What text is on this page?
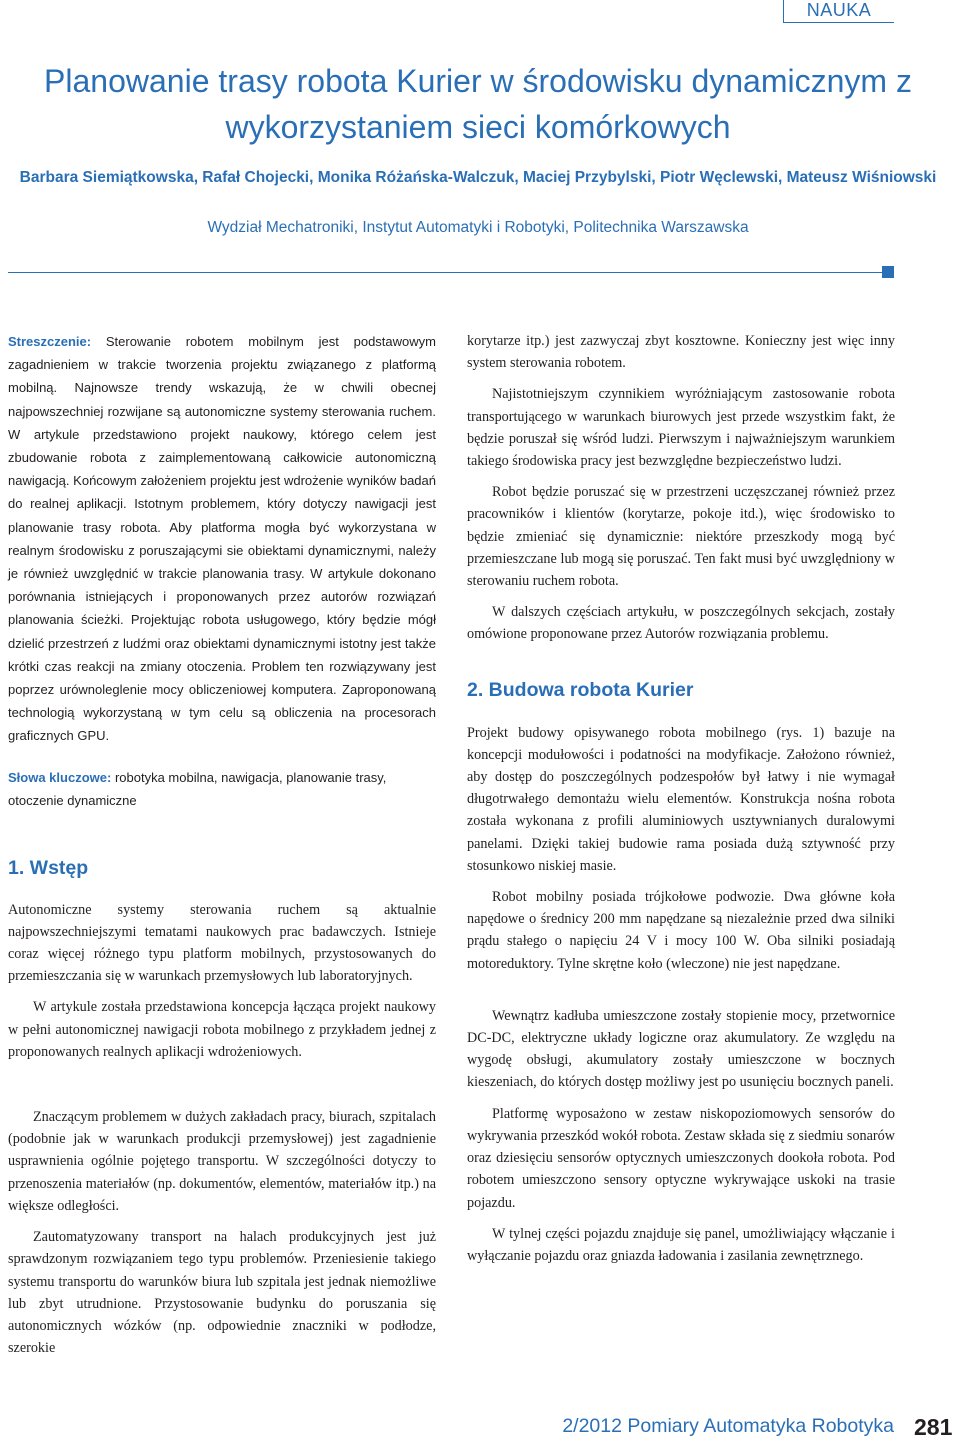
NAUKA
Planowanie trasy robota Kurier w środowisku dynamicznym z wykorzystaniem sieci komórkowych

Barbara Siemiątkowska, Rafał Chojecki, Monika Różańska-Walczuk, Maciej Przybylski, Piotr Węclewski, Mateusz Wiśniowski

Wydział Mechatroniki, Instytut Automatyki i Robotyki, Politechnika Warszawska

Streszczenie: Sterowanie robotem mobilnym jest podstawowym zagadnieniem w trakcie tworzenia projektu związanego z platformą mobilną. Najnowsze trendy wskazują, że w chwili obecnej najpowszechniej rozwijane są autonomiczne systemy sterowania ruchem. W artykule przedstawiono projekt naukowy, którego celem jest zbudowanie robota z zaimplementowaną całkowicie autonomiczną nawigacją. Końcowym założeniem projektu jest wdrożenie wyników badań do realnej aplikacji. Istotnym problemem, który dotyczy nawigacji jest planowanie trasy robota. Aby platforma mogła być wykorzystana w realnym środowisku z poruszającymi sie obiektami dynamicznymi, należy je również uwzględnić w trakcie planowania trasy. W artykule dokonano porównania istniejących i proponowanych przez autorów rozwiązań planowania ścieżki. Projektując robota usługowego, który będzie mógł dzielić przestrzeń z ludźmi oraz obiektami dynamicznymi istotny jest także krótki czas reakcji na zmiany otoczenia. Problem ten rozwiązywany jest poprzez urównoleglenie mocy obliczeniowej komputera. Zaproponowaną technologią wykorzystaną w tym celu są obliczenia na procesorach graficznych GPU.

Słowa kluczowe: robotyka mobilna, nawigacja, planowanie trasy, otoczenie dynamiczne

1. Wstęp

Autonomiczne systemy sterowania ruchem są aktualnie najpowszechniejszymi tematami naukowych prac badawczych. Istnieje coraz więcej różnego typu platform mobilnych, przystosowanych do przemieszczania się w warunkach przemysłowych lub laboratoryjnych.

W artykule została przedstawiona koncepcja łącząca projekt naukowy w pełni autonomicznej nawigacji robota mobilnego z przykładem jednej z proponowanych realnych aplikacji wdrożeniowych.

Znaczącym problemem w dużych zakładach pracy, biurach, szpitalach (podobnie jak w warunkach produkcji przemysłowej) jest zagadnienie usprawnienia ogólnie pojętego transportu. W szczególności dotyczy to przenoszenia materiałów (np. dokumentów, elementów, materiałów itp.) na większe odległości.

Zautomatyzowany transport na halach produkcyjnych jest już sprawdzonym rozwiązaniem tego typu problemów. Przeniesienie takiego systemu transportu do warunków biura lub szpitala jest jednak niemożliwe lub zbyt utrudnione. Przystosowanie budynku do poruszania się autonomicznych wózków (np. odpowiednie znaczniki w podłodze, szerokie

korytarze itp.) jest zazwyczaj zbyt kosztowne. Konieczny jest więc inny system sterowania robotem.

Najistotniejszym czynnikiem wyróżniającym zastosowanie robota transportującego w warunkach biurowych jest przede wszystkim fakt, że będzie poruszał się wśród ludzi. Pierwszym i najważniejszym warunkiem takiego środowiska pracy jest bezwzględne bezpieczeństwo ludzi.

Robot będzie poruszać się w przestrzeni uczęszczanej również przez pracowników i klientów (korytarze, pokoje itd.), więc środowisko to będzie zmieniać się dynamicznie: niektóre przeszkody mogą być przemieszczane lub mogą się poruszać. Ten fakt musi być uwzględniony w sterowaniu ruchem robota.

W dalszych częściach artykułu, w poszczególnych sekcjach, zostały omówione proponowane przez Autorów rozwiązania problemu.

2. Budowa robota Kurier

Projekt budowy opisywanego robota mobilnego (rys. 1) bazuje na koncepcji modułowości i podatności na modyfikacje. Założono również, aby dostęp do poszczególnych podzespołów był łatwy i nie wymagał długotrwałego demontażu wielu elementów. Konstrukcja nośna robota została wykonana z profili aluminiowych usztywnianych duralowymi panelami. Dzięki takiej budowie rama posiada dużą sztywność przy stosunkowo niskiej masie.

Robot mobilny posiada trójkołowe podwozie. Dwa główne koła napędowe o średnicy 200 mm napędzane są niezależnie przed dwa silniki prądu stałego o napięciu 24 V i mocy 100 W. Oba silniki posiadają motoreduktory. Tylne skrętne koło (wleczone) nie jest napędzane.

Wewnątrz kadłuba umieszczone zostały stopienie mocy, przetwornice DC-DC, elektryczne układy logiczne oraz akumulatory. Ze względu na wygodę obsługi, akumulatory zostały umieszczone w bocznych kieszeniach, do których dostęp możliwy jest po usunięciu bocznych paneli.

Platformę wyposażono w zestaw niskopoziomowych sensorów do wykrywania przeszkód wokół robota. Zestaw składa się z siedmiu sonarów oraz dziesięciu sensorów optycznych umieszczonych dookoła robota. Pod robotem umieszczono sensory optyczne wykrywające uskoki na trasie pojazdu.

W tylnej części pojazdu znajduje się panel, umożliwiający włączanie i wyłączanie pojazdu oraz gniazda ładowania i zasilania zewnętrznego.

2/2012 Pomiary Automatyka Robotyka 281
